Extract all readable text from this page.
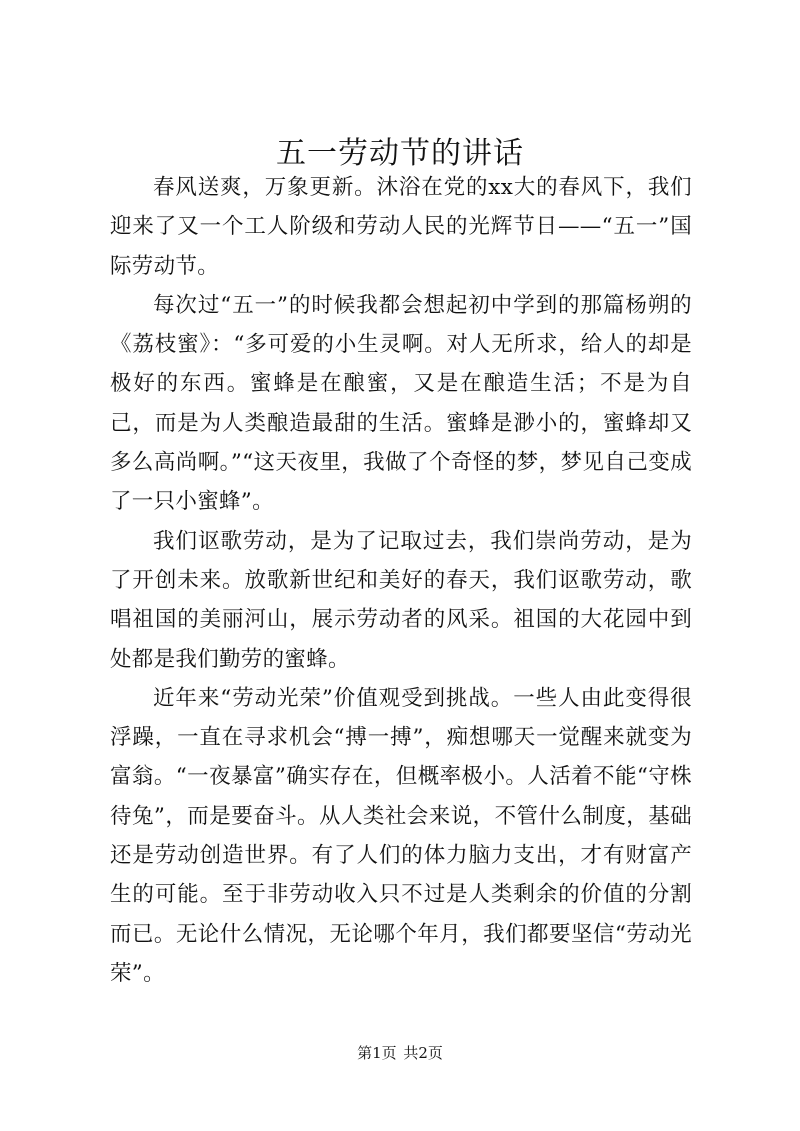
五一劳动节的讲话

春风送爽，万象更新。沐浴在党的xx大的春风下，我们迎来了又一个工人阶级和劳动人民的光辉节日——“五一”国际劳动节。

每次过“五一”的时候我都会想起初中学到的那篇杨朔的《荔枝蜜》：“多可爱的小生灵啊。对人无所求，给人的却是极好的东西。蜜蜂是在酿蜜，又是在酿造生活；不是为自己，而是为人类酿造最甜的生活。蜜蜂是渺小的，蜜蜂却又多么高尚啊。”“这天夜里，我做了个奇怪的梦，梦见自己变成了一只小蜜蜂”。

我们讴歌劳动，是为了记取过去，我们崇尚劳动，是为了开创未来。放歌新世纪和美好的春天，我们讴歌劳动，歌唱祖国的美丽河山，展示劳动者的风采。祖国的大花园中到处都是我们勤劳的蜜蜂。

近年来“劳动光荣”价值观受到挑战。一些人由此变得很浮躁，一直在寻求机会“搏一搏”，痴想哪天一觉醒来就变为富翁。“一夜暴富”确实存在，但概率极小。人活着不能“守株待兔”，而是要奋斗。从人类社会来说，不管什么制度，基础还是劳动创造世界。有了人们的体力脑力支出，才有财富产生的可能。至于非劳动收入只不过是人类剩余的价值的分割而已。无论什么情况，无论哪个年月，我们都要坚信“劳动光荣”。

第1页 共2页
